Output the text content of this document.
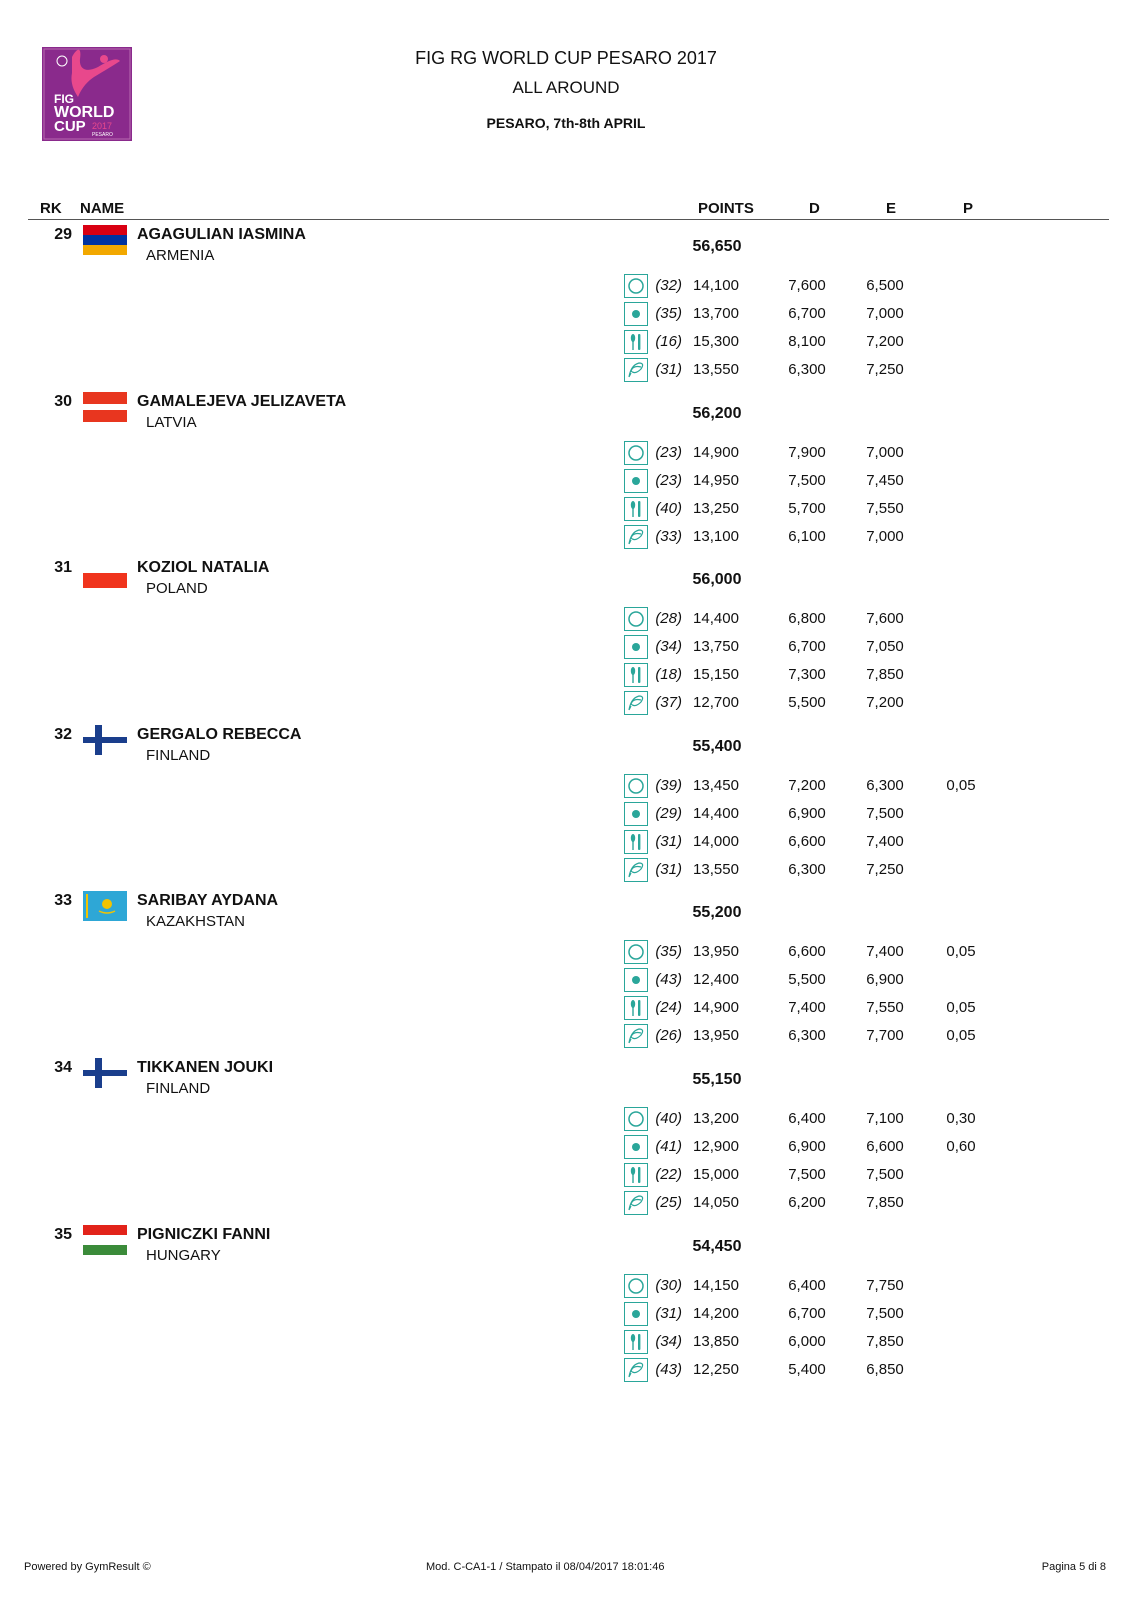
FIG
WORLD
CUP 2017
PESARO
FIG RG WORLD CUP PESARO 2017
ALL AROUND
PESARO, 7th-8th APRIL
RK NAME	POINTS	D	E	P
29	AGAGULIAN IASMINA
ARMENIA
56,650
(32) 14,100	7,600	6,500
(35) 13,700	6,700	7,000
(16) 15,300	8,100	7,200
(31) 13,550	6,300	7,250
30	GAMALEJEVA JELIZAVETA
LATVIA
56,200
(23) 14,900	7,900	7,000
(23) 14,950	7,500	7,450
(40) 13,250	5,700	7,550
(33) 13,100	6,100	7,000
31	KOZIOL NATALIA
POLAND
56,000
(28) 14,400	6,800	7,600
(34) 13,750	6,700	7,050
(18) 15,150	7,300	7,850
(37) 12,700	5,500	7,200
32	GERGALO REBECCA
FINLAND
55,400
(39) 13,450	7,200	6,300	0,05
(29) 14,400	6,900	7,500
(31) 14,000	6,600	7,400
(31) 13,550	6,300	7,250
33	SARIBAY AYDANA
KAZAKHSTAN
55,200
(35) 13,950	6,600	7,400	0,05
(43) 12,400	5,500	6,900
(24) 14,900	7,400	7,550	0,05
(26) 13,950	6,300	7,700	0,05
34	TIKKANEN JOUKI
FINLAND
55,150
(40) 13,200	6,400	7,100	0,30
(41) 12,900	6,900	6,600	0,60
(22) 15,000	7,500	7,500
(25) 14,050	6,200	7,850
35	PIGNICZKI FANNI
HUNGARY
54,450
(30) 14,150	6,400	7,750
(31) 14,200	6,700	7,500
(34) 13,850	6,000	7,850
(43) 12,250	5,400	6,850
Powered by GymResult ©	Mod. C-CA1-1 / Stampato il 08/04/2017 18:01:46	Pagina 5 di 8
